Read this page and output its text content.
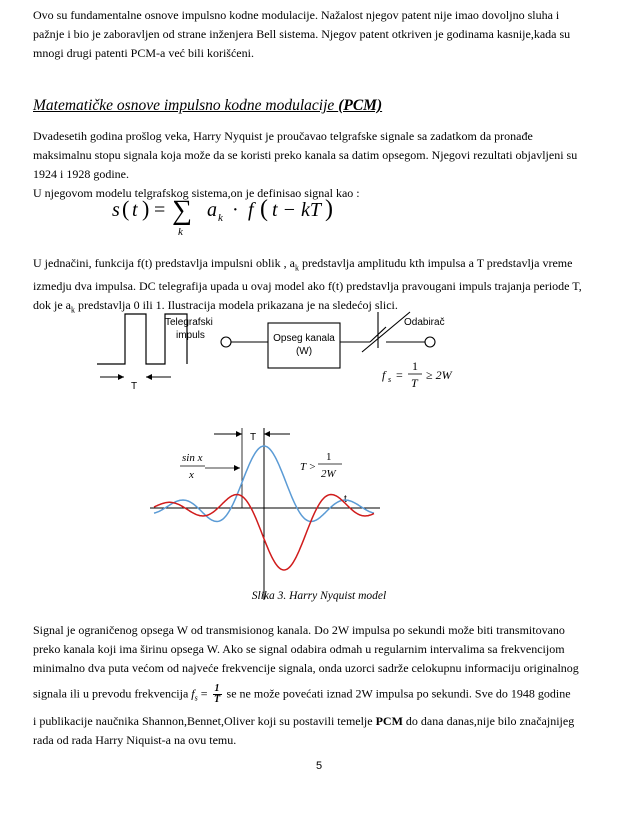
Ovo su fundamentalne osnove impulsno kodne modulacije. Nažalost njegov patent nije imao dovoljno sluha i
pažnje i bio je zaboravljen od strane inženjera Bell sistema. Njegov patent otkriven je godinama kasnije,kada su
mnogi drugi patenti PCM-a već bili korišćeni.

Matematičke osnove impulsno kodne modulacije (PCM)

Dvadesetih godina prošlog veka, Harry Nyquist je proučavao telgrafske signale sa zadatkom da pronađe
maksimalnu stopu signala koja može da se koristi preko kanala sa datim opsegom. Njegovi rezultati objavljeni su
1924 i 1928 godine.
U njegovom modelu telgrafskog sistema,on je definisao signal kao :

s ( t ) = ∑
k
a k · f ( t − kT )

U jednačini, funkcija f(t) predstavlja impulsni oblik , $a_k$ predstavlja amplitudu kth impulsa a T predstavlja vreme
izmedju dva impulsa. DC telegrafija upada u ovaj model ako f(t) predstavlja pravougani impuls trajanja periode T,
dok je $a_k$ predstavlja 0 ili 1. Ilustracija modela prikazana je na sledećoj slici.

T
Telegrafski
impuls	Opseg kanala
(W)
Odabirač
f s =
1
T
≥ 2W
T
t
sin x
x
T >
1
2W
Slika 3. Harry Nyquist model

Signal je ograničenog opsega W od transmisionog kanala. Do 2W impulsa po sekundi može biti transmitovano
preko kanala koji ima širinu opsega W. Ako se signal odabira odmah u regularnim intervalima sa frekvencijom
minimalno dva puta većom od najveće frekvencije signala, onda uzorci sadrže celokupnu informaciju originalnog
signala ili u prevodu frekvencija $f_s = \frac{1}{T}$ se ne može povećati iznad 2W impulsa po sekundi. Sve do 1948 godine
i publikacije naučnika Shannon,Bennet,Oliver koji su postavili temelje PCM do dana danas,nije bilo značajnijeg
rada od rada Harry Niquist-a na ovu temu.

5
